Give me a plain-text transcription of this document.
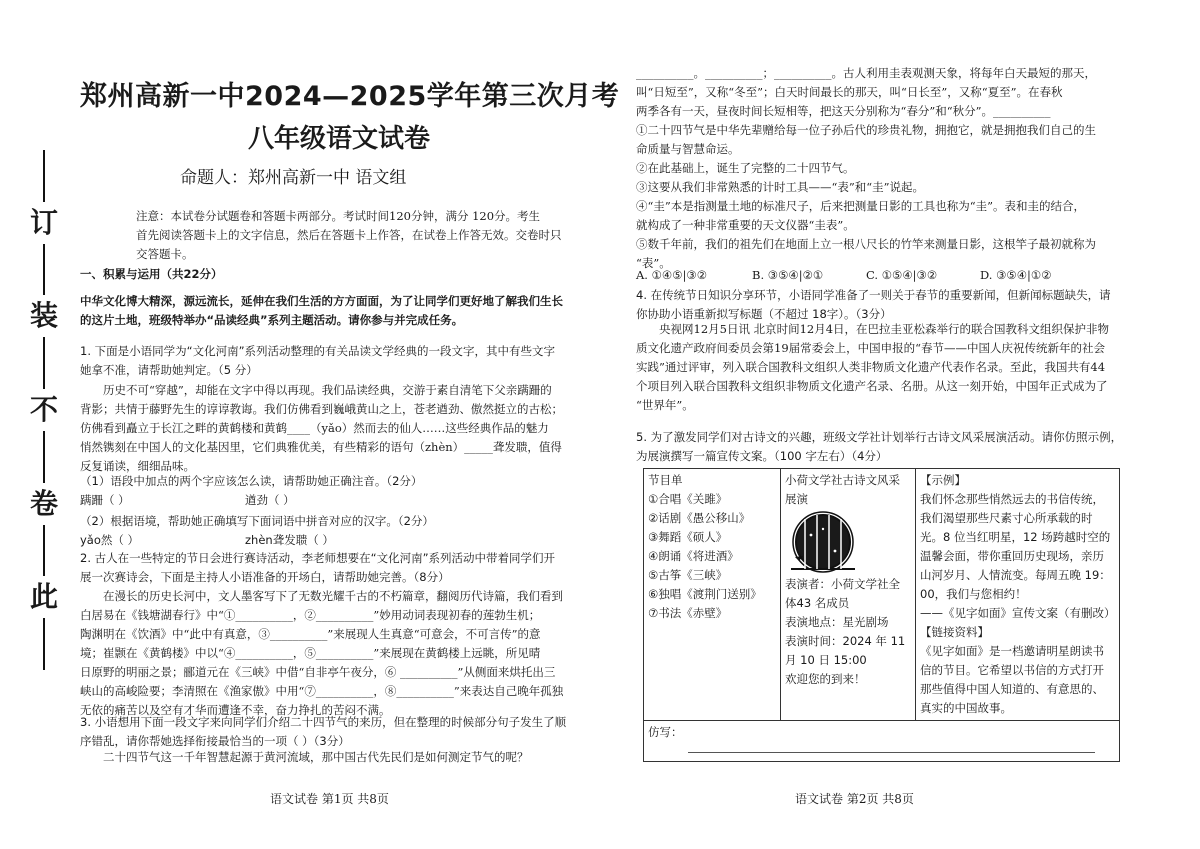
订
装
不
卷
此
郑州高新一中2024—2025学年第三次月考
八年级语文试卷
命题人：郑州高新一中 语文组
注意：本试卷分试题卷和答题卡两部分。考试时间120分钟，满分 120分。考生
首先阅读答题卡上的文字信息，然后在答题卡上作答，在试卷上作答无效。交卷时只
交答题卡。
一、积累与运用（共22分）
中华文化博大精深，源远流长，延伸在我们生活的方方面面，为了让同学们更好地了解我们生长
的这片土地，班级特举办“品读经典”系列主题活动。请你参与并完成任务。
1. 下面是小语同学为“文化河南”系列活动整理的有关品读文学经典的一段文字，其中有些文字
她拿不准，请帮助她判定。（5 分）
历史不可“穿越”，却能在文字中得以再现。我们品读经典，交游于素自清笔下父亲蹒跚的
背影；共情于藤野先生的谆谆教诲。我们仿佛看到巍峨黄山之上，苍老遒劲、傲然挺立的古松；
仿佛看到矗立于长江之畔的黄鹤楼和黄鹤____（yǎo）然而去的仙人……这些经典作品的魅力
悄然镌刻在中国人的文化基因里，它们典雅优美，有些精彩的语句（zhèn）_____聋发聩，值得
反复诵读，细细品味。
（1）语段中加点的两个字应该怎么读，请帮助她正确注音。（2分）
蹒跚（ ）	遒劲（ ）
（2）根据语境，帮助她正确填写下面词语中拼音对应的汉字。（2分）
yǎo然（ ）	zhèn聋发聩（ ）
2. 古人在一些特定的节日会进行赛诗活动，李老师想要在“文化河南”系列活动中带着同学们开
展一次赛诗会，下面是主持人小语准备的开场白，请帮助她完善。（8分）
在漫长的历史长河中，文人墨客写下了无数光耀千古的不朽篇章，翻阅历代诗篇，我们看到
白居易在《钱塘湖春行》中“①__________，②__________”妙用动词表现初春的莲勃生机；
陶渊明在《饮酒》中“此中有真意，③__________”来展现人生真意“可意会，不可言传”的意
境；崔颢在《黄鹤楼》中以“④__________，⑤__________”来展现在黄鹤楼上远眺，所见晴
日原野的明丽之景；郦道元在《三峡》中借“自非亭午夜分，⑥ __________”从侧面来烘托出三
峡山的高峻险要；李清照在《渔家傲》中用“⑦__________，⑧__________”来表达自己晚年孤独
无依的痛苦以及空有才华而遭逢不幸，奋力挣扎的苦闷不满。
3. 小语想用下面一段文字来向同学们介绍二十四节气的来历，但在整理的时候部分句子发生了顺
序错乱，请你帮她选择衔接最恰当的一项（ ）（3分）
二十四节气这一千年智慧起源于黄河流域，那中国古代先民们是如何测定节气的呢？
语文试卷 第1页 共8页
__________。__________；__________。古人利用圭表观测天象，将每年白天最短的那天，
叫“日短至”，又称“冬至”；白天时间最长的那天，叫“日长至”，又称“夏至”。在春秋
两季各有一天，昼夜时间长短相等，把这天分别称为“春分”和“秋分”。__________
①二十四节气是中华先辈赠给每一位子孙后代的珍贵礼物，拥抱它，就是拥抱我们自己的生
命质量与智慧命运。
②在此基础上，诞生了完整的二十四节气。
③这要从我们非常熟悉的计时工具——“表”和“圭”说起。
④“圭”本是指测量土地的标准尺子，后来把测量日影的工具也称为“圭”。表和圭的结合，
就构成了一种非常重要的天文仪器“圭表”。
⑤数千年前，我们的祖先们在地面上立一根八尺长的竹竿来测量日影，这根竿子最初就称为
“表”。
A. ①④⑤|③②	B. ③⑤④|②①	C. ①⑤④|③②	D. ③⑤④|①②
4. 在传统节日知识分享环节，小语同学准备了一则关于春节的重要新闻，但新闻标题缺失，请
你协助小语重新拟写标题（不超过 18字）。（3分）
央视网12月5日讯 北京时间12月4日，在巴拉圭亚松森举行的联合国教科文组织保护非物
质文化遗产政府间委员会第19届常委会上，中国申报的“春节——中国人庆祝传统新年的社会
实践”通过评审，列入联合国教科文组织人类非物质文化遗产代表作名录。至此，我国共有44
个项目列入联合国教科文组织非物质文化遗产名录、名册。从这一刻开始，中国年正式成为了
“世界年”。
5. 为了激发同学们对古诗文的兴趣，班级文学社计划举行古诗文风采展演活动。请你仿照示例，
为展演撰写一篇宣传文案。（100 字左右）（4分）
节目单
①合唱《关雎》
②话剧《愚公移山》
③舞蹈《硕人》
④朗诵《将进酒》
⑤古筝《三峡》
⑥独唱《渡荆门送别》
⑦书法《赤壁》

小荷文学社古诗文风采展演
表演者：小荷文学社全体43 名成员
表演地点：星光剧场
表演时间：2024 年 11 月 10 日 15:00
欢迎您的到来！

【示例】
我们怀念那些悄然远去的书信传统，我们渴望那些尺素寸心所承载的时光。8 位当红明星，12 场跨越时空的温馨会面，带你重回历史现场，亲历山河岁月、人情流变。每周五晚 19：00，我们与您相约！
——《见字如面》宣传文案（有删改）
【链接资料】
《见字如面》是一档邀请明星朗读书信的节目。它希望以书信的方式打开那些值得中国人知道的、有意思的、真实的中国故事。

仿写：
语文试卷 第2页 共8页
